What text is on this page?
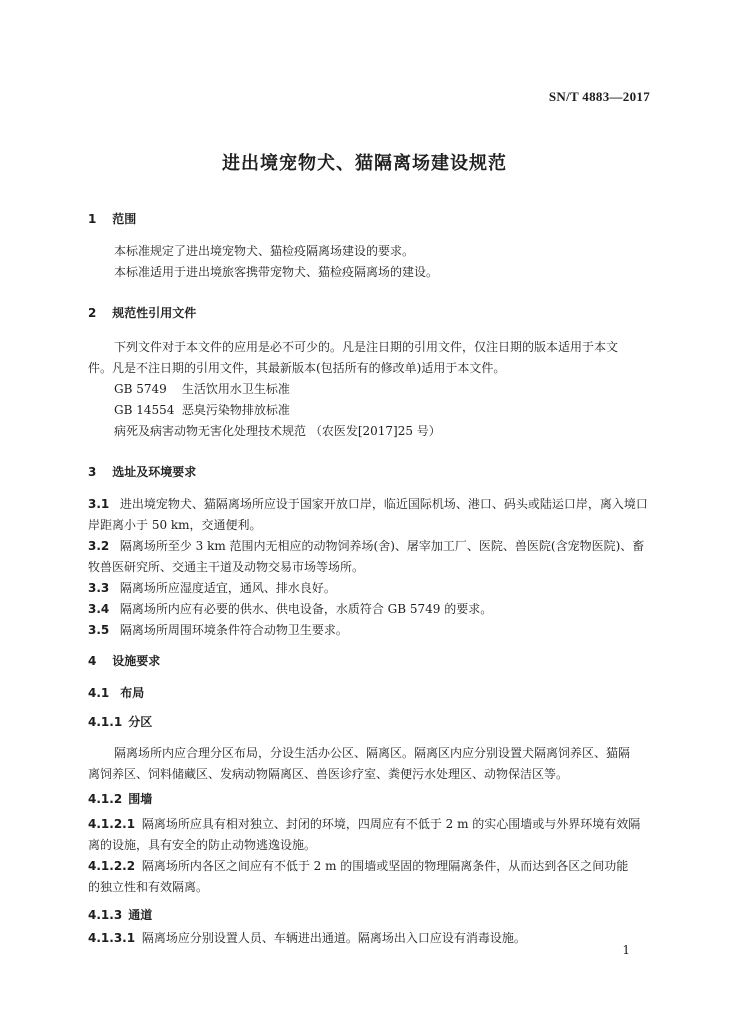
SN/T 4883—2017
进出境宠物犬、猫隔离场建设规范
1 范围
本标准规定了进出境宠物犬、猫检疫隔离场建设的要求。
本标准适用于进出境旅客携带宠物犬、猫检疫隔离场的建设。
2 规范性引用文件
下列文件对于本文件的应用是必不可少的。凡是注日期的引用文件，仅注日期的版本适用于本文
件。凡是不注日期的引用文件，其最新版本(包括所有的修改单)适用于本文件。
GB 5749 生活饮用水卫生标准
GB 14554 恶臭污染物排放标准
病死及病害动物无害化处理技术规范 （农医发[2017]25 号）
3 选址及环境要求
3.1 进出境宠物犬、猫隔离场所应设于国家开放口岸，临近国际机场、港口、码头或陆运口岸，离入境口
岸距离小于 50 km，交通便利。
3.2 隔离场所至少 3 km 范围内无相应的动物饲养场(舍)、屠宰加工厂、医院、兽医院(含宠物医院)、畜
牧兽医研究所、交通主干道及动物交易市场等场所。
3.3 隔离场所应湿度适宜，通风、排水良好。
3.4 隔离场所内应有必要的供水、供电设备，水质符合 GB 5749 的要求。
3.5 隔离场所周围环境条件符合动物卫生要求。
4 设施要求
4.1 布局
4.1.1 分区
隔离场所内应合理分区布局，分设生活办公区、隔离区。隔离区内应分别设置犬隔离饲养区、猫隔
离饲养区、饲料储藏区、发病动物隔离区、兽医诊疗室、粪便污水处理区、动物保洁区等。
4.1.2 围墙
4.1.2.1 隔离场所应具有相对独立、封闭的环境，四周应有不低于 2 m 的实心围墙或与外界环境有效隔
离的设施，具有安全的防止动物逃逸设施。
4.1.2.2 隔离场所内各区之间应有不低于 2 m 的围墙或坚固的物理隔离条件，从而达到各区之间功能
的独立性和有效隔离。
4.1.3 通道
4.1.3.1 隔离场应分别设置人员、车辆进出通道。隔离场出入口应设有消毒设施。
1
